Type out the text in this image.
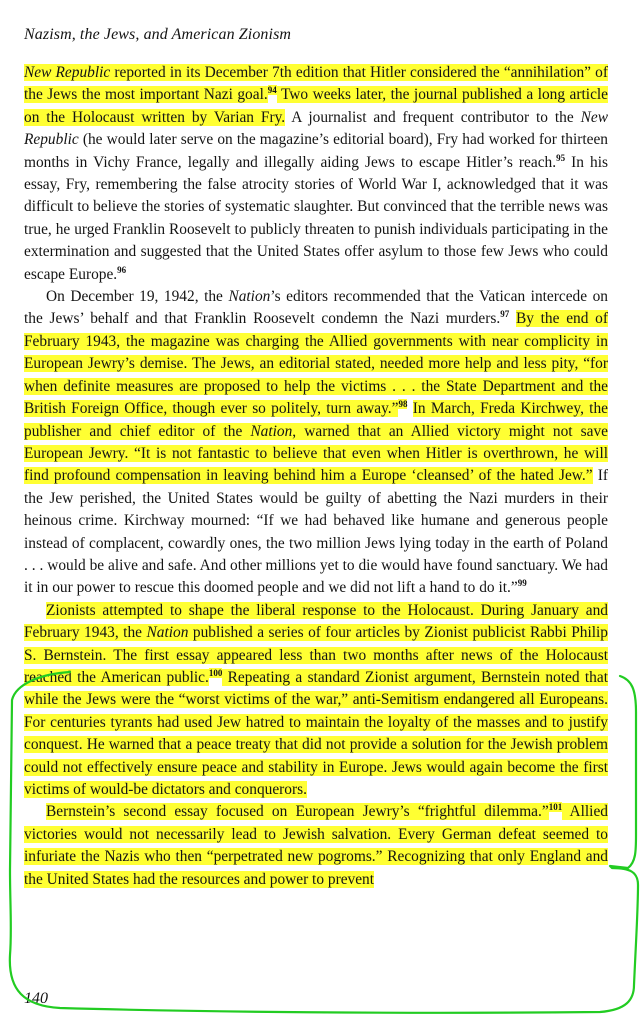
Nazism, the Jews, and American Zionism

New Republic reported in its December 7th edition that Hitler considered the “annihilation” of the Jews the most important Nazi goal.$^{94}$ Two weeks later, the journal published a long article on the Holocaust written by Varian Fry. A journalist and frequent contributor to the New Republic (he would later serve on the magazine’s editorial board), Fry had worked for thirteen months in Vichy France, legally and illegally aiding Jews to escape Hitler’s reach.$^{95}$ In his essay, Fry, remembering the false atrocity stories of World War I, acknowledged that it was difficult to believe the stories of systematic slaughter. But convinced that the terrible news was true, he urged Franklin Roosevelt to publicly threaten to punish individuals participating in the extermination and suggested that the United States offer asylum to those few Jews who could escape Europe.$^{96}$

On December 19, 1942, the Nation’s editors recommended that the Vatican intercede on the Jews’ behalf and that Franklin Roosevelt condemn the Nazi murders.$^{97}$ By the end of February 1943, the magazine was charging the Allied governments with near complicity in European Jewry’s demise. The Jews, an editorial stated, needed more help and less pity, “for when definite measures are proposed to help the victims . . . the State Department and the British Foreign Office, though ever so politely, turn away.”$^{98}$ In March, Freda Kirchwey, the publisher and chief editor of the Nation, warned that an Allied victory might not save European Jewry. “It is not fantastic to believe that even when Hitler is overthrown, he will find profound compensation in leaving behind him a Europe ‘cleansed’ of the hated Jew.” If the Jew perished, the United States would be guilty of abetting the Nazi murders in their heinous crime. Kirchway mourned: “If we had behaved like humane and generous people instead of complacent, cowardly ones, the two million Jews lying today in the earth of Poland . . . would be alive and safe. And other millions yet to die would have found sanctuary. We had it in our power to rescue this doomed people and we did not lift a hand to do it.”$^{99}$

Zionists attempted to shape the liberal response to the Holocaust. During January and February 1943, the Nation published a series of four articles by Zionist publicist Rabbi Philip S. Bernstein. The first essay appeared less than two months after news of the Holocaust reached the American public.$^{100}$ Repeating a standard Zionist argument, Bernstein noted that while the Jews were the “worst victims of the war,” anti-Semitism endangered all Europeans. For centuries tyrants had used Jew hatred to maintain the loyalty of the masses and to justify conquest. He warned that a peace treaty that did not provide a solution for the Jewish problem could not effectively ensure peace and stability in Europe. Jews would again become the first victims of would-be dictators and conquerors.

Bernstein’s second essay focused on European Jewry’s “frightful dilemma.”$^{101}$ Allied victories would not necessarily lead to Jewish salvation. Every German defeat seemed to infuriate the Nazis who then “perpetrated new pogroms.” Recognizing that only England and the United States had the resources and power to prevent

140
